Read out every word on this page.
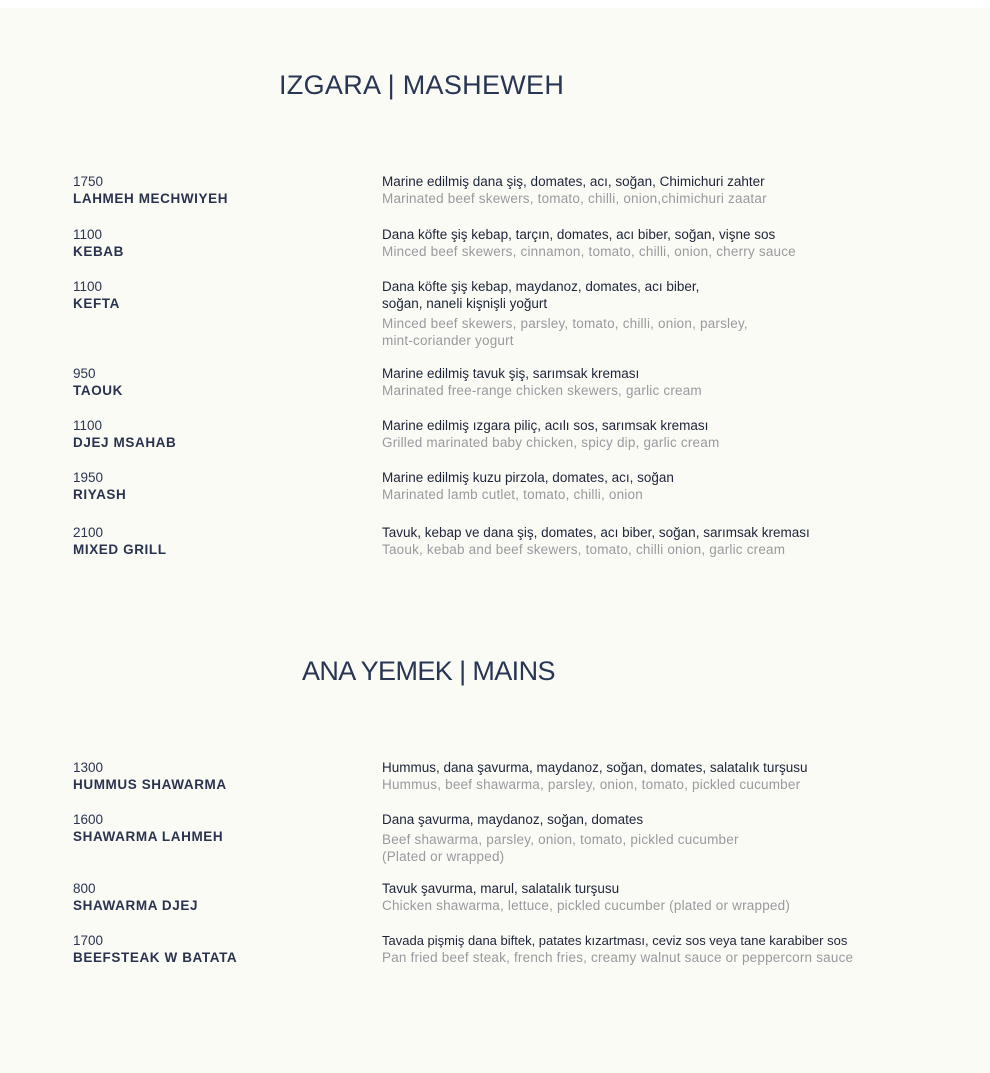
IZGARA | MASHEWEH
1750
LAHMEH MECHWIYEH

Marine edilmiş dana şiş, domates, acı, soğan, Chimichuri zahter

Marinated beef skewers, tomato, chilli, onion,chimichuri zaatar

1100
KEBAB

Dana köfte şiş kebap, tarçın, domates, acı biber, soğan, vişne sos

Minced beef skewers, cinnamon, tomato, chilli, onion, cherry sauce

1100
KEFTA

Dana köfte şiş kebap, maydanoz, domates, acı biber,
soğan, naneli kişnişli yoğurt

Minced beef skewers, parsley, tomato, chilli, onion, parsley,
mint-coriander yogurt

950
TAOUK

Marine edilmiş tavuk şiş, sarımsak kreması

Marinated free-range chicken skewers, garlic cream

1100
DJEJ MSAHAB

Marine edilmiş ızgara piliç, acılı sos, sarımsak kreması

Grilled marinated baby chicken, spicy dip, garlic cream

1950
RIYASH

Marine edilmiş kuzu pirzola, domates, acı, soğan

Marinated lamb cutlet, tomato, chilli, onion

2100
MIXED GRILL

Tavuk, kebap ve dana şiş, domates, acı biber, soğan, sarımsak kreması

Taouk, kebab and beef skewers, tomato, chilli onion, garlic cream

ANA YEMEK | MAINS
1300
HUMMUS SHAWARMA

Hummus, dana şavurma, maydanoz, soğan, domates, salatalık turşusu

Hummus, beef shawarma, parsley, onion, tomato, pickled cucumber

1600
SHAWARMA LAHMEH

Dana şavurma, maydanoz, soğan, domates

Beef shawarma, parsley, onion, tomato, pickled cucumber
(Plated or wrapped)

800
SHAWARMA DJEJ

Tavuk şavurma, marul, salatalık turşusu

Chicken shawarma, lettuce, pickled cucumber (plated or wrapped)

1700
BEEFSTEAK W BATATA

Tavada pişmiş dana biftek, patates kızartması, ceviz sos veya tane karabiber sos

Pan fried beef steak, french fries, creamy walnut sauce or peppercorn sauce
